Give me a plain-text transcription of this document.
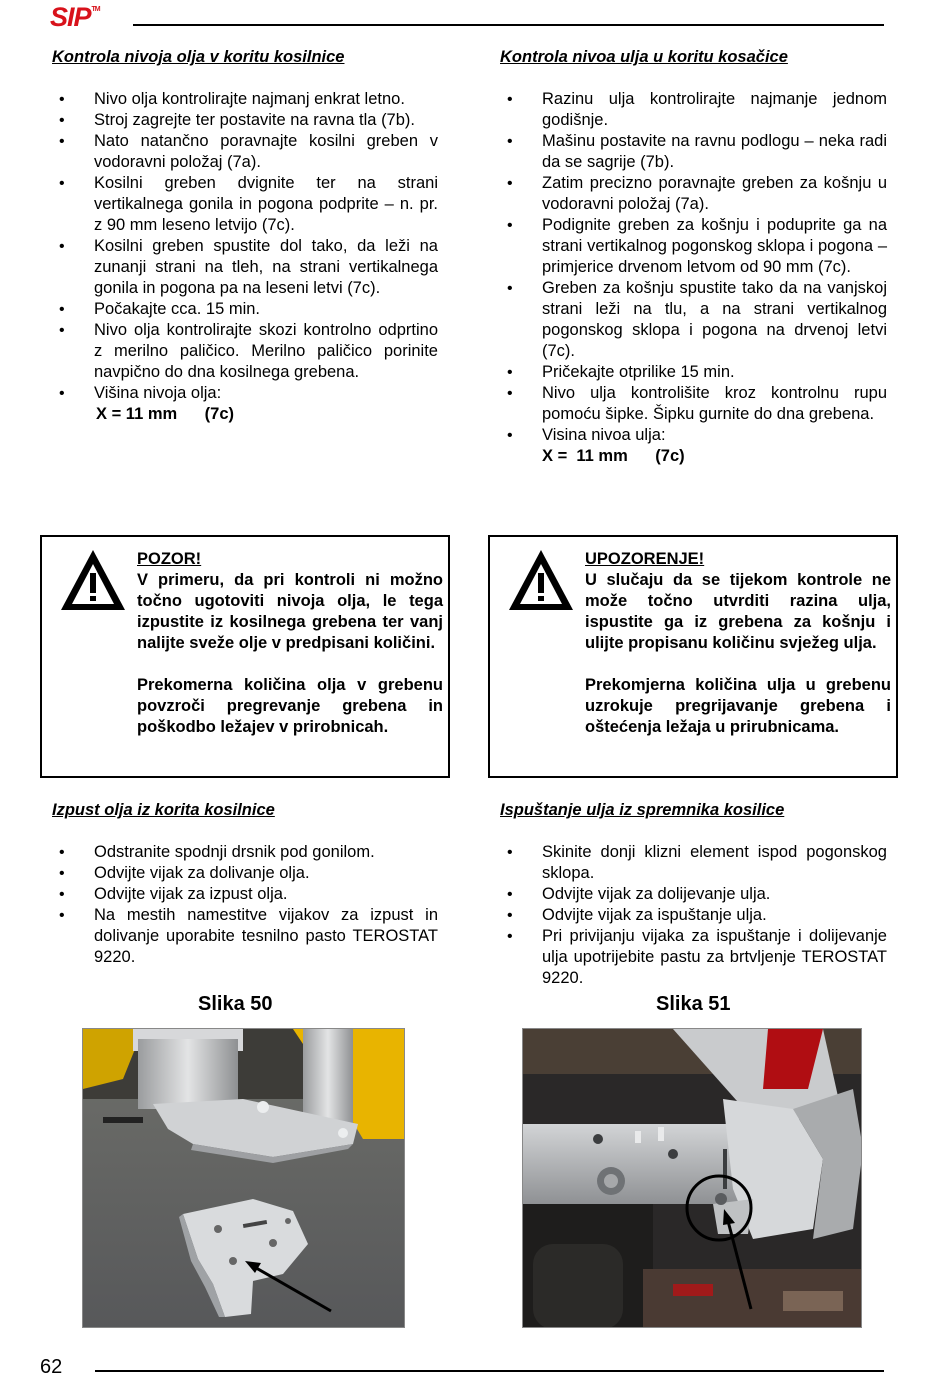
SIP™
Kontrola nivoja olja v koritu kosilnice
• Nivo olja kontrolirajte najmanj enkrat letno.
• Stroj zagrejte ter postavite na ravna tla (7b).
• Nato natančno poravnajte kosilni greben v vodoravni položaj (7a).
• Kosilni greben dvignite ter na strani vertikalnega gonila in pogona podprite – n. pr. z 90 mm leseno letvijo (7c).
• Kosilni greben spustite dol tako, da leži na zunanji strani na tleh, na strani vertikalnega gonila in pogona pa na leseni letvi (7c).
• Počakajte cca. 15 min.
• Nivo olja kontrolirajte skozi kontrolno odprtino z merilno paličico. Merilno paličico porinite navpično do dna kosilnega grebena.
• Višina nivoja olja:
X = 11 mm      (7c)
Kontrola nivoa ulja u koritu kosačice
• Razinu ulja kontrolirajte najmanje jednom godišnje.
• Mašinu postavite na ravnu podlogu – neka radi da se sagrije (7b).
• Zatim precizno poravnajte greben za košnju u vodoravni položaj (7a).
• Podignite greben za košnju i poduprite ga na strani vertikalnog pogonskog sklopa i pogona – primjerice drvenom letvom od 90 mm (7c).
• Greben za košnju spustite tako da na vanjskoj strani leži na tlu, a na strani vertikalnog pogonskog sklopa i pogona na drvenoj letvi (7c).
• Pričekajte otprilike 15 min.
• Nivo ulja kontrolišite kroz kontrolnu rupu pomoću šipke. Šipku gurnite do dna grebena.
• Visina nivoa ulja:
X =  11 mm      (7c)
POZOR!
V primeru, da pri kontroli ni možno točno ugotoviti nivoja olja, le tega izpustite iz kosilnega grebena ter vanj nalijte sveže olje v predpisani količini.
Prekomerna količina olja v grebenu povzroči pregrevanje grebena in poškodbo ležajev v prirobnicah.
UPOZORENJE!
U slučaju da se tijekom kontrole ne može točno utvrditi razina ulja, ispustite ga iz grebena za košnju i ulijte propisanu količinu svježeg ulja.
Prekomjerna količina ulja u grebenu uzrokuje pregrijavanje grebena i oštećenja ležaja u prirubnicama.
Izpust olja iz korita kosilnice
• Odstranite spodnji drsnik pod gonilom.
• Odvijte vijak za dolivanje olja.
• Odvijte vijak za izpust olja.
• Na mestih namestitve vijakov za izpust in dolivanje uporabite tesnilno pasto TEROSTAT 9220.
Ispuštanje ulja iz spremnika kosilice
• Skinite donji klizni element ispod pogonskog sklopa.
• Odvijte vijak za dolijevanje ulja.
• Odvijte vijak za ispuštanje ulja.
• Pri privijanju vijaka za ispuštanje i dolijevanje ulja upotrijebite pastu za brtvljenje TEROSTAT 9220.
Slika 50	Slika 51
62
